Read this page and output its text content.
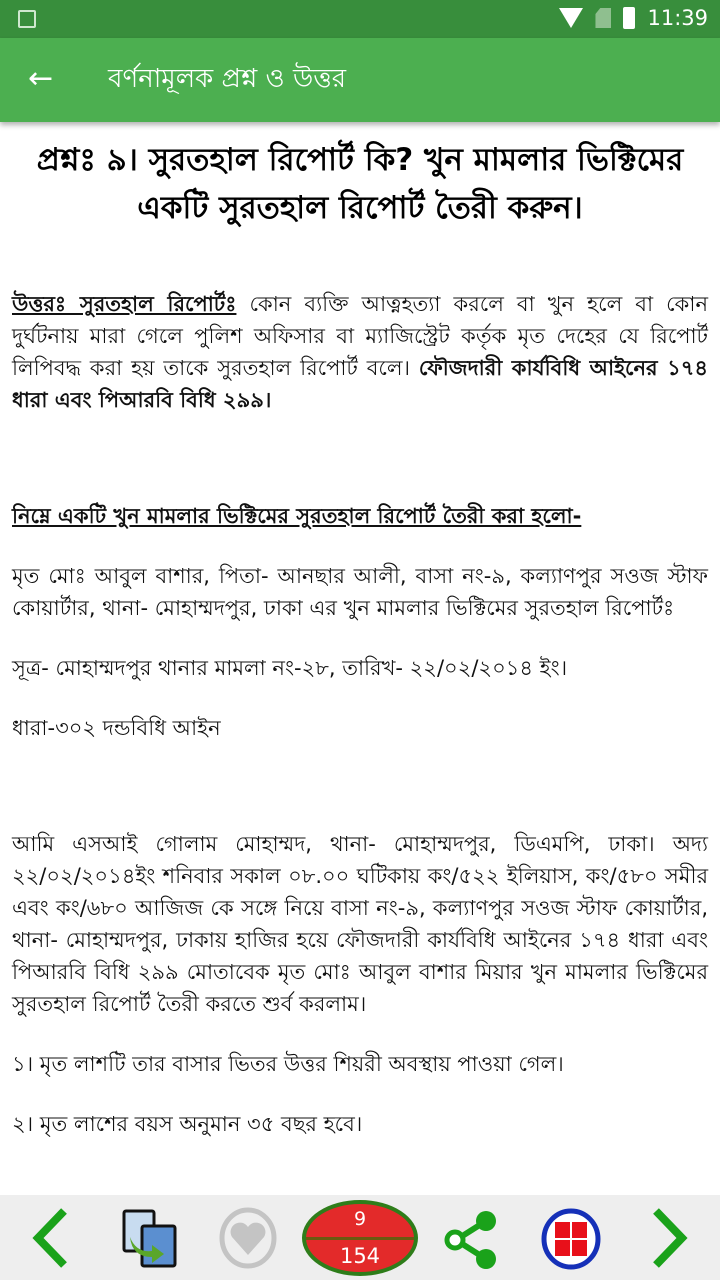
11:39
← বর্ণনামূলক প্রশ্ন ও উত্তর
প্রশ্নঃ ৯। সুরতহাল রিপোর্ট কি? খুন মামলার ভিক্টিমের একটি সুরতহাল রিপোর্ট তৈরী করুন।

উত্তরঃ সুরতহাল রিপোর্টঃ কোন ব্যক্তি আত্নহত্যা করলে বা খুন হলে বা কোন দুর্ঘটনায় মারা গেলে পুলিশ অফিসার বা ম্যাজিস্ট্রেট কর্তৃক মৃত দেহের যে রিপোর্ট লিপিবদ্ধ করা হয় তাকে সুরতহাল রিপোর্ট বলে। ফৌজদারী কার্যবিধি আইনের ১৭৪ ধারা এবং পিআরবি বিধি ২৯৯।

নিম্নে একটি খুন মামলার ভিক্টিমের সুরতহাল রিপোর্ট তৈরী করা হলো-

মৃত মোঃ আবুল বাশার, পিতা- আনছার আলী, বাসা নং-৯, কল্যাণপুর সওজ স্টাফ কোয়ার্টার, থানা- মোহাম্মদপুর, ঢাকা এর খুন মামলার ভিক্টিমের সুরতহাল রিপোর্টঃ

সূত্র- মোহাম্মদপুর থানার মামলা নং-২৮, তারিখ- ২২/০২/২০১৪ ইং।

ধারা-৩০২ দন্ডবিধি আইন

আমি এসআই গোলাম মোহাম্মদ, থানা- মোহাম্মদপুর, ডিএমপি, ঢাকা। অদ্য ২২/০২/২০১৪ইং শনিবার সকাল ০৮.০০ ঘটিকায় কং/৫২২ ইলিয়াস, কং/৫৮০ সমীর এবং কং/৬৮০ আজিজ কে সঙ্গে নিয়ে বাসা নং-৯, কল্যাণপুর সওজ স্টাফ কোয়ার্টার, থানা- মোহাম্মদপুর, ঢাকায় হাজির হয়ে ফৌজদারী কার্যবিধি আইনের ১৭৪ ধারা এবং পিআরবি বিধি ২৯৯ মোতাবেক মৃত মোঃ আবুল বাশার মিয়ার খুন মামলার ভিক্টিমের সুরতহাল রিপোর্ট তৈরী করতে শুর্ব করলাম।

১। মৃত লাশটি তার বাসার ভিতর উত্তর শিয়রী অবস্থায় পাওয়া গেল।

২। মৃত লাশের বয়স অনুমান ৩৫ বছর হবে।

9
154
